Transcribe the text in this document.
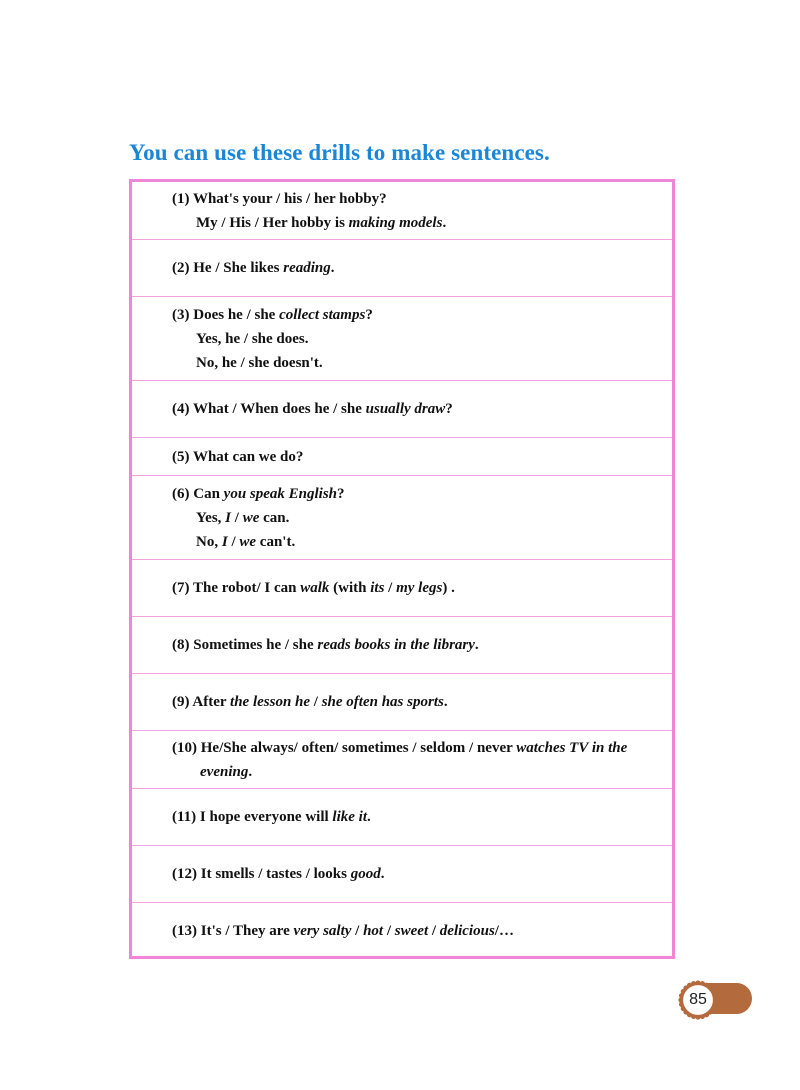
You can use these drills to make sentences.
(1) What's your / his / her hobby?
My / His / Her hobby is making models.
(2) He / She likes reading.
(3) Does he / she collect stamps?
Yes, he / she does.
No, he / she doesn't.
(4) What / When does he / she usually draw?
(5) What can we do?
(6) Can you speak English?
Yes, I / we can.
No, I / we can't.
(7) The robot/ I can walk (with its / my legs) .
(8) Sometimes he / she reads books in the library.
(9) After the lesson he / she often has sports.
(10) He/She always/ often/ sometimes / seldom / never watches TV in the
evening.
(11) I hope everyone will like it.
(12) It smells / tastes / looks good.
(13) It's / They are very salty / hot / sweet / delicious/…
85
